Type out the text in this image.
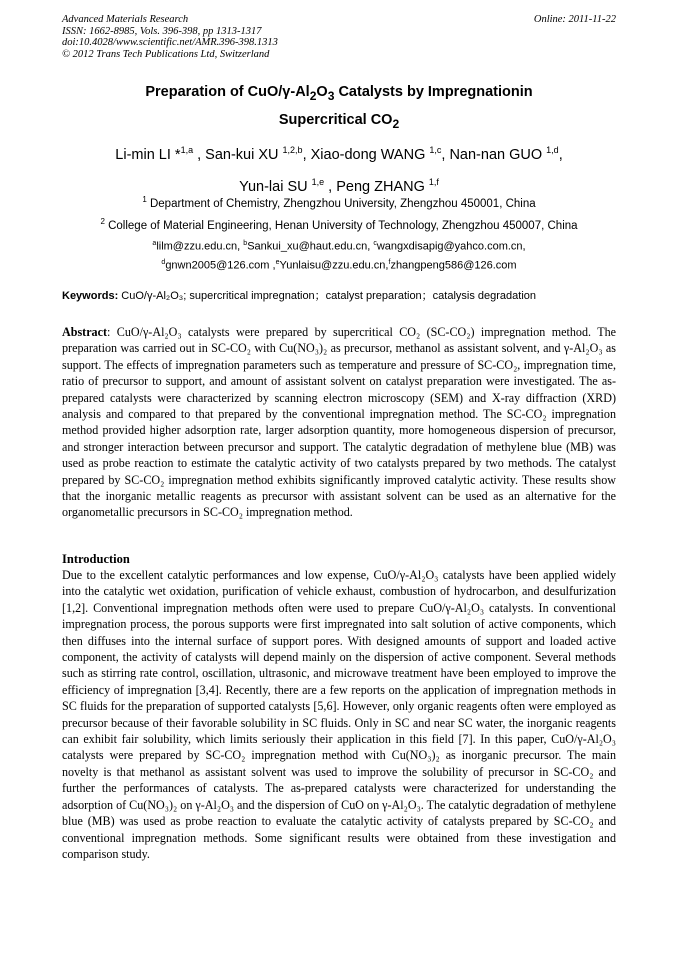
Advanced Materials Research
ISSN: 1662-8985, Vols. 396-398, pp 1313-1317
doi:10.4028/www.scientific.net/AMR.396-398.1313
© 2012 Trans Tech Publications Ltd, Switzerland
Online: 2011-11-22
Preparation of CuO/$\gamma-Al_2O_3$ Catalysts by Impregnationin
Supercritical $CO_2$
Li-min LI *$^{1,a}$ , San-kui XU $^{1,2,b}$, Xiao-dong WANG $^{1,c}$, Nan-nan GUO $^{1,d}$,
Yun-lai SU $^{1,e}$ , Peng ZHANG $^{1,f}$
$^1$ Department of Chemistry, Zhengzhou University, Zhengzhou 450001, China
$^2$ College of Material Engineering, Henan University of Technology, Zhengzhou 450007, China
$^a$lilm@zzu.edu.cn, $^b$Sankui_xu@haut.edu.cn, $^c$wangxdisapig@yahco.com.cn,
$^d$gnwn2005@126.com ,$^e$Yunlaisu@zzu.edu.cn,$^f$zhangpeng586@126.com
Keywords: CuO/γ-Al₂O₃; supercritical impregnation；catalyst preparation；catalysis degradation
Abstract: CuO/γ-Al₂O₃ catalysts were prepared by supercritical CO₂ (SC-CO₂) impregnation method. The preparation was carried out in SC-CO₂ with Cu(NO₃)₂ as precursor, methanol as assistant solvent, and γ-Al₂O₃ as support. The effects of impregnation parameters such as temperature and pressure of SC-CO₂, impregnation time, ratio of precursor to support, and amount of assistant solvent on catalyst preparation were investigated. The as-prepared catalysts were characterized by scanning electron microscopy (SEM) and X-ray diffraction (XRD) analysis and compared to that prepared by the conventional impregnation method. The SC-CO₂ impregnation method provided higher adsorption rate, larger adsorption quantity, more homogeneous dispersion of precursor, and stronger interaction between precursor and support. The catalytic degradation of methylene blue (MB) was used as probe reaction to estimate the catalytic activity of two catalysts prepared by two methods. The catalyst prepared by SC-CO₂ impregnation method exhibits significantly improved catalytic activity. These results show that the inorganic metallic reagents as precursor with assistant solvent can be used as an alternative for the organometallic precursors in SC-CO₂ impregnation method.
Introduction
Due to the excellent catalytic performances and low expense, CuO/γ-Al₂O₃ catalysts have been applied widely into the catalytic wet oxidation, purification of vehicle exhaust, combustion of hydrocarbon, and desulfurization [1,2]. Conventional impregnation methods often were used to prepare CuO/γ-Al₂O₃ catalysts. In conventional impregnation process, the porous supports were first impregnated into salt solution of active components, which then diffuses into the internal surface of support pores. With designed amounts of support and loaded active component, the activity of catalysts will depend mainly on the dispersion of active component. Several methods such as stirring rate control, oscillation, ultrasonic, and microwave treatment have been employed to improve the efficiency of impregnation [3,4]. Recently, there are a few reports on the application of impregnation methods in SC fluids for the preparation of supported catalysts [5,6]. However, only organic reagents often were employed as precursor because of their favorable solubility in SC fluids. Only in SC and near SC water, the inorganic reagents can exhibit fair solubility, which limits seriously their application in this field [7]. In this paper, CuO/γ-Al₂O₃ catalysts were prepared by SC-CO₂ impregnation method with Cu(NO₃)₂ as inorganic precursor. The main novelty is that methanol as assistant solvent was used to improve the solubility of precursor in SC-CO₂ and further the performances of catalysts. The as-prepared catalysts were characterized for understanding the adsorption of Cu(NO₃)₂ on γ-Al₂O₃ and the dispersion of CuO on γ-Al₂O₃. The catalytic degradation of methylene blue (MB) was used as probe reaction to evaluate the catalytic activity of catalysts prepared by SC-CO₂ and conventional impregnation methods. Some significant results were obtained from these investigation and comparison study.
